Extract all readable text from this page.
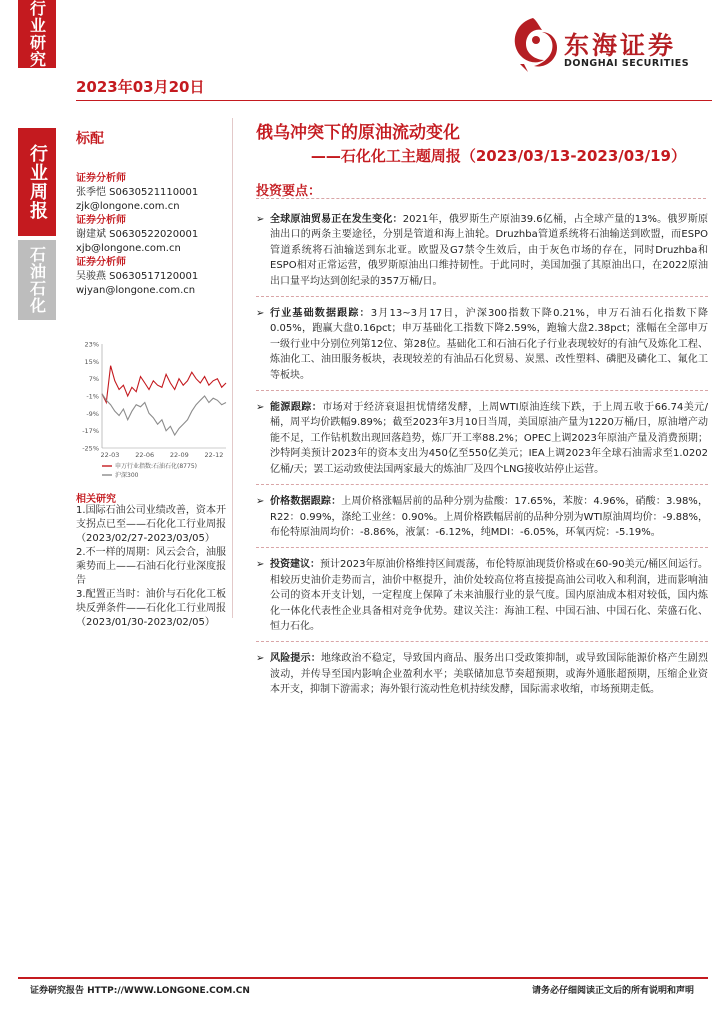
行业研究
行业周报
石油石化
2023年03月20日
东海证券
DONGHAI SECURITIES
标配	俄乌冲突下的原油流动变化
——石化化工主题周报（2023/03/13-2023/03/19）
证券分析师
张季恺 S0630521110001
zjk@longone.com.cn
证券分析师
谢建斌 S0630522020001
xjb@longone.com.cn
证券分析师
吴骏燕 S0630517120001
wjyan@longone.com.cn
23%
15%
7%
-1%
-9%
-17%
-25%
22-03 22-06 22-09 22-12
申万行业指数:石油石化(8775)
沪深300
相关研究
1.国际石油公司业绩改善，资本开支拐点已至——石化化工行业周报（2023/02/27-2023/03/05）
2.不一样的周期：风云会合，油服乘势而上——石油石化行业深度报告
3.配置正当时：油价与石化化工板块反弹条件——石化化工行业周报（2023/01/30-2023/02/05）
投资要点：
➢ 全球原油贸易正在发生变化：2021年，俄罗斯生产原油39.6亿桶，占全球产量的13%。俄罗斯原油出口的两条主要途径，分别是管道和海上油轮。Druzhba管道系统将石油输送到欧盟，而ESPO管道系统将石油输送到东北亚。欧盟及G7禁令生效后，由于灰色市场的存在，同时Druzhba和ESPO相对正常运营，俄罗斯原油出口维持韧性。于此同时，美国加强了其原油出口，在2022原油出口量平均达到创纪录的357万桶/日。
➢ 行业基础数据跟踪：3月13~3月17日，沪深300指数下降0.21%，申万石油石化指数下降0.05%，跑赢大盘0.16pct；申万基础化工指数下降2.59%，跑输大盘2.38pct；涨幅在全部申万一级行业中分别位列第12位、第28位。基础化工和石油石化子行业表现较好的有油气及炼化工程、炼油化工、油田服务板块，表现较差的有油品石化贸易、炭黑、改性塑料、磷肥及磷化工、氟化工等板块。
➢ 能源跟踪：市场对于经济衰退担忧情绪发酵，上周WTI原油连续下跌，于上周五收于66.74美元/桶，周平均价跌幅9.89%；截至2023年3月10日当周，美国原油产量为1220万桶/日，原油增产动能不足，工作钻机数出现回落趋势，炼厂开工率88.2%；OPEC上调2023年原油产量及消费预期；沙特阿美预计2023年的资本支出为450亿至550亿美元；IEA上调2023年全球石油需求至1.0202亿桶/天；罢工运动致使法国两家最大的炼油厂及四个LNG接收站停止运营。
➢ 价格数据跟踪：上周价格涨幅居前的品种分别为盐酸：17.65%，苯胺：4.96%，硝酸：3.98%，R22：0.99%，涤纶工业丝：0.90%。上周价格跌幅居前的品种分别为WTI原油周均价：-9.88%，布伦特原油周均价：-8.86%，液氯：-6.12%，纯MDI：-6.05%，环氧丙烷：-5.19%。
➢ 投资建议：预计2023年原油价格维持区间震荡，布伦特原油现货价格或在60-90美元/桶区间运行。相较历史油价走势而言，油价中枢提升，油价处较高位将直接提高油公司收入和利润，进而影响油公司的资本开支计划，一定程度上保障了未来油服行业的景气度。国内原油成本相对较低，国内炼化一体化代表性企业具备相对竞争优势。建议关注：海油工程、中国石油、中国石化、荣盛石化、恒力石化。
➢ 风险提示：地缘政治不稳定，导致国内商品、服务出口受政策抑制，或导致国际能源价格产生剧烈波动，并传导至国内影响企业盈利水平；美联储加息节奏超预期，或海外通胀超预期，压缩企业资本开支，抑制下游需求；海外银行流动性危机持续发酵，国际需求收缩，市场预期走低。
证券研究报告 HTTP://WWW.LONGONE.COM.CN	请务必仔细阅读正文后的所有说明和声明
